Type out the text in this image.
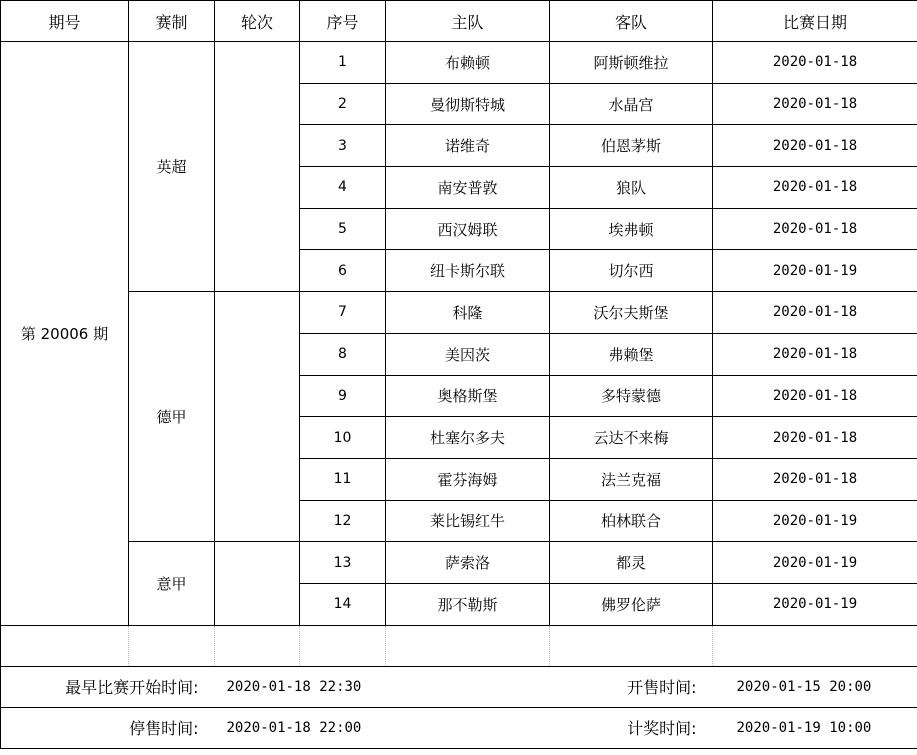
期号	赛制	轮次	序号	主队	客队	比赛日期
第 20006 期	英超		1	布赖顿	阿斯顿维拉	2020-01-18
			2	曼彻斯特城	水晶宫	2020-01-18
			3	诺维奇	伯恩茅斯	2020-01-18
			4	南安普敦	狼队	2020-01-18
			5	西汉姆联	埃弗顿	2020-01-18
			6	纽卡斯尔联	切尔西	2020-01-19
	德甲		7	科隆	沃尔夫斯堡	2020-01-18
			8	美因茨	弗赖堡	2020-01-18
			9	奥格斯堡	多特蒙德	2020-01-18
			10	杜塞尔多夫	云达不来梅	2020-01-18
			11	霍芬海姆	法兰克福	2020-01-18
			12	莱比锡红牛	柏林联合	2020-01-19
	意甲		13	萨索洛	都灵	2020-01-19
			14	那不勒斯	佛罗伦萨	2020-01-19

最早比赛开始时间:		2020-01-18 22:30			开售时间:	2020-01-15 20:00
停售时间:		2020-01-18 22:00			计奖时间:	2020-01-19 10:00
